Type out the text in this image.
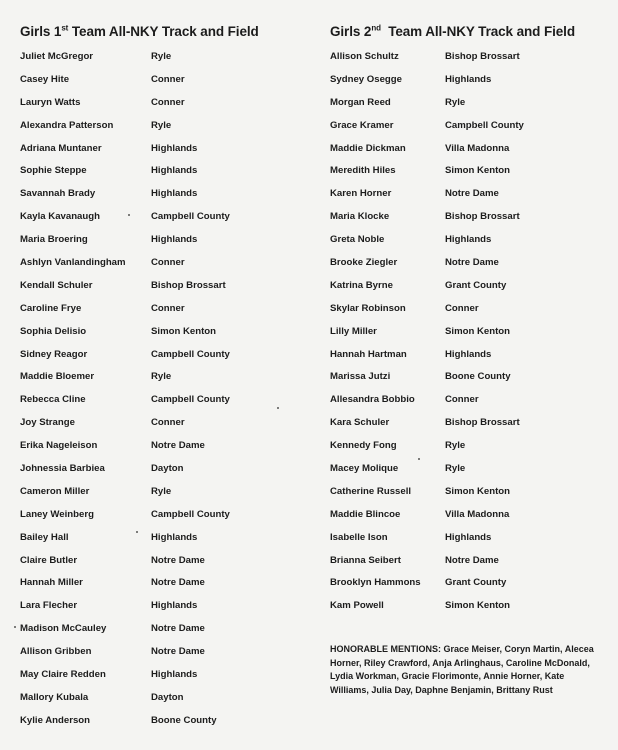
Girls 1st Team All-NKY Track and Field
Juliet McGregor	Ryle
Casey Hite	Conner
Lauryn Watts	Conner
Alexandra Patterson	Ryle
Adriana Muntaner	Highlands
Sophie Steppe	Highlands
Savannah Brady	Highlands
Kayla Kavanaugh	Campbell County
Maria Broering	Highlands
Ashlyn Vanlandingham	Conner
Kendall Schuler	Bishop Brossart
Caroline Frye	Conner
Sophia Delisio	Simon Kenton
Sidney Reagor	Campbell County
Maddie Bloemer	Ryle
Rebecca Cline	Campbell County
Joy Strange	Conner
Erika Nageleison	Notre Dame
Johnessia Barbiea	Dayton
Cameron Miller	Ryle
Laney Weinberg	Campbell County
Bailey Hall	Highlands
Claire Butler	Notre Dame
Hannah Miller	Notre Dame
Lara Flecher	Highlands
Madison McCauley	Notre Dame
Allison Gribben	Notre Dame
May Claire Redden	Highlands
Mallory Kubala	Dayton
Kylie Anderson	Boone County
Girls 2nd  Team All-NKY Track and Field
Allison Schultz	Bishop Brossart
Sydney Osegge	Highlands
Morgan Reed	Ryle
Grace Kramer	Campbell County
Maddie Dickman	Villa Madonna
Meredith Hiles	Simon Kenton
Karen Horner	Notre Dame
Maria Klocke	Bishop Brossart
Greta Noble	Highlands
Brooke Ziegler	Notre Dame
Katrina Byrne	Grant County
Skylar Robinson	Conner
Lilly Miller	Simon Kenton
Hannah Hartman	Highlands
Marissa Jutzi	Boone County
Allesandra Bobbio	Conner
Kara Schuler	Bishop Brossart
Kennedy Fong	Ryle
Macey Molique	Ryle
Catherine Russell	Simon Kenton
Maddie Blincoe	Villa Madonna
Isabelle Ison	Highlands
Brianna Seibert	Notre Dame
Brooklyn Hammons	Grant County
Kam Powell	Simon Kenton
HONORABLE MENTIONS: Grace Meiser, Coryn Martin, Alecea Horner, Riley Crawford, Anja Arlinghaus, Caroline McDonald, Lydia Workman, Gracie Florimonte, Annie Horner, Kate Williams, Julia Day, Daphne Benjamin, Brittany Rust
